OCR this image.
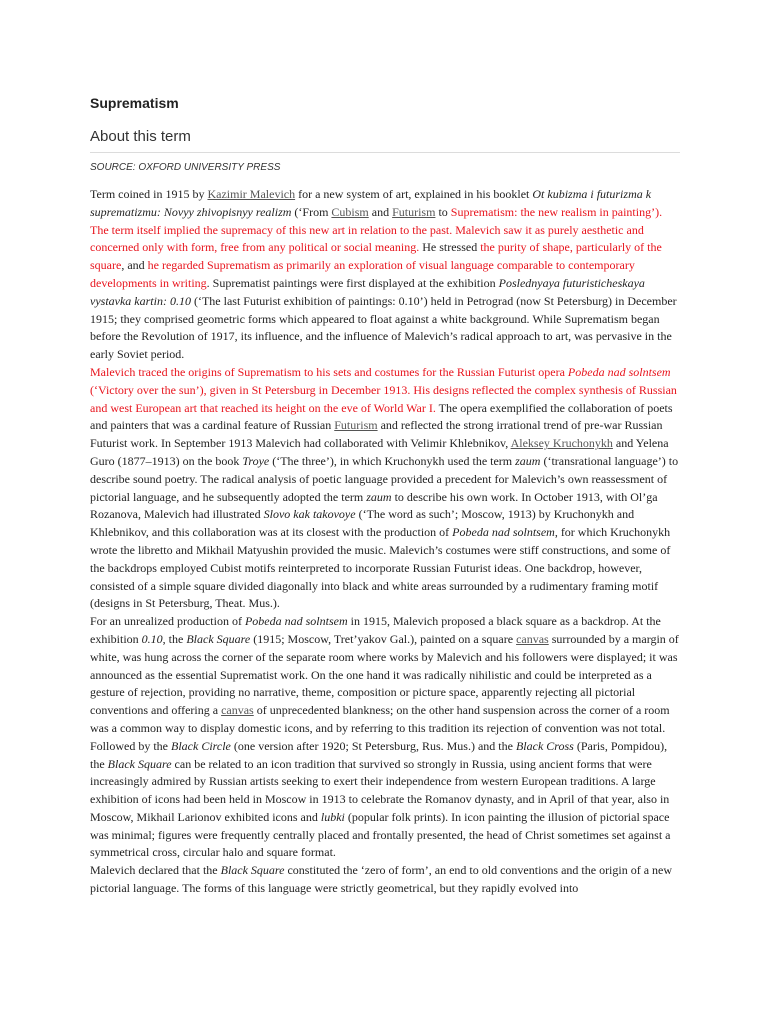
Suprematism
About this term
SOURCE: OXFORD UNIVERSITY PRESS

Term coined in 1915 by Kazimir Malevich for a new system of art, explained in his booklet Ot kubizma i futurizma k suprematizmu: Novyy zhivopisnyy realizm (‘From Cubism and Futurism to Suprematism: the new realism in painting’). The term itself implied the supremacy of this new art in relation to the past. Malevich saw it as purely aesthetic and concerned only with form, free from any political or social meaning. He stressed the purity of shape, particularly of the square, and he regarded Suprematism as primarily an exploration of visual language comparable to contemporary developments in writing. Suprematist paintings were first displayed at the exhibition Poslednyaya futuristicheskaya vystavka kartin: 0.10 (‘The last Futurist exhibition of paintings: 0.10’) held in Petrograd (now St Petersburg) in December 1915; they comprised geometric forms which appeared to float against a white background. While Suprematism began before the Revolution of 1917, its influence, and the influence of Malevich’s radical approach to art, was pervasive in the early Soviet period.

Malevich traced the origins of Suprematism to his sets and costumes for the Russian Futurist opera Pobeda nad solntsem (‘Victory over the sun’), given in St Petersburg in December 1913. His designs reflected the complex synthesis of Russian and west European art that reached its height on the eve of World War I. The opera exemplified the collaboration of poets and painters that was a cardinal feature of Russian Futurism and reflected the strong irrational trend of pre-war Russian Futurist work. In September 1913 Malevich had collaborated with Velimir Khlebnikov, Aleksey Kruchonykh and Yelena Guro (1877–1913) on the book Troye (‘The three’), in which Kruchonykh used the term zaum (‘transrational language’) to describe sound poetry. The radical analysis of poetic language provided a precedent for Malevich’s own reassessment of pictorial language, and he subsequently adopted the term zaum to describe his own work. In October 1913, with Ol’ga Rozanova, Malevich had illustrated Slovo kak takovoye (‘The word as such’; Moscow, 1913) by Kruchonykh and Khlebnikov, and this collaboration was at its closest with the production of Pobeda nad solntsem, for which Kruchonykh wrote the libretto and Mikhail Matyushin provided the music. Malevich’s costumes were stiff constructions, and some of the backdrops employed Cubist motifs reinterpreted to incorporate Russian Futurist ideas. One backdrop, however, consisted of a simple square divided diagonally into black and white areas surrounded by a rudimentary framing motif (designs in St Petersburg, Theat. Mus.).

For an unrealized production of Pobeda nad solntsem in 1915, Malevich proposed a black square as a backdrop. At the exhibition 0.10, the Black Square (1915; Moscow, Tret’yakov Gal.), painted on a square canvas surrounded by a margin of white, was hung across the corner of the separate room where works by Malevich and his followers were displayed; it was announced as the essential Suprematist work. On the one hand it was radically nihilistic and could be interpreted as a gesture of rejection, providing no narrative, theme, composition or picture space, apparently rejecting all pictorial conventions and offering a canvas of unprecedented blankness; on the other hand suspension across the corner of a room was a common way to display domestic icons, and by referring to this tradition its rejection of convention was not total. Followed by the Black Circle (one version after 1920; St Petersburg, Rus. Mus.) and the Black Cross (Paris, Pompidou), the Black Square can be related to an icon tradition that survived so strongly in Russia, using ancient forms that were increasingly admired by Russian artists seeking to exert their independence from western European traditions. A large exhibition of icons had been held in Moscow in 1913 to celebrate the Romanov dynasty, and in April of that year, also in Moscow, Mikhail Larionov exhibited icons and lubki (popular folk prints). In icon painting the illusion of pictorial space was minimal; figures were frequently centrally placed and frontally presented, the head of Christ sometimes set against a symmetrical cross, circular halo and square format.

Malevich declared that the Black Square constituted the ‘zero of form’, an end to old conventions and the origin of a new pictorial language. The forms of this language were strictly geometrical, but they rapidly evolved into
